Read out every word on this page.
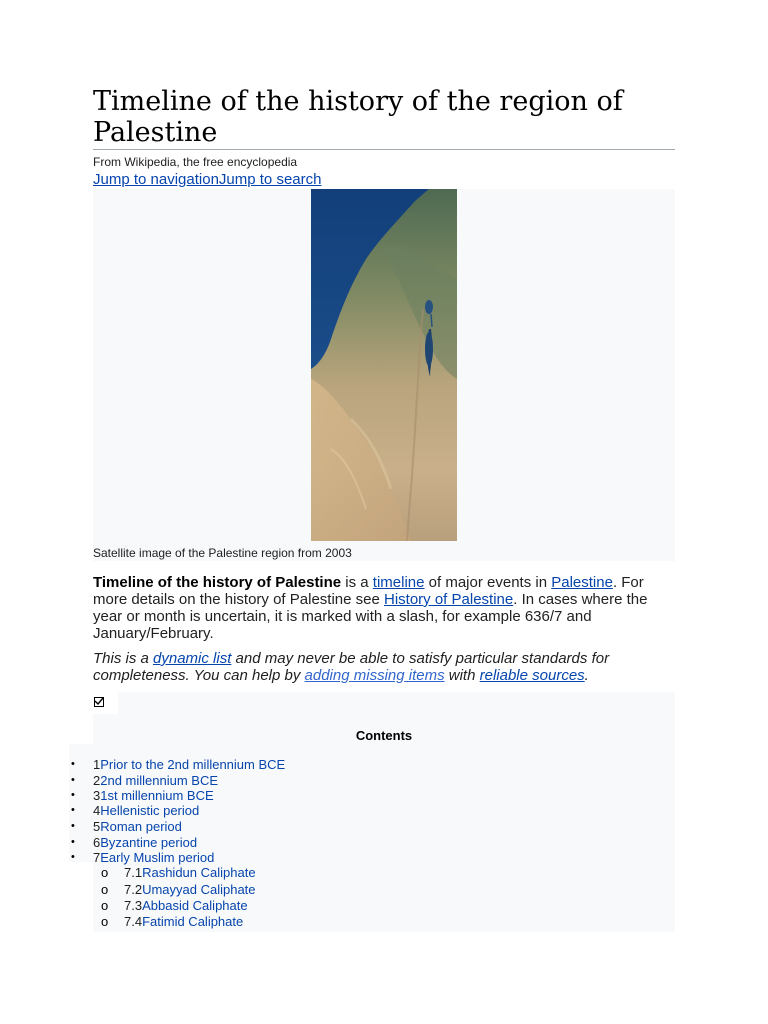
Timeline of the history of the region of Palestine
From Wikipedia, the free encyclopedia
Jump to navigationJump to search
Satellite image of the Palestine region from 2003

Timeline of the history of Palestine is a timeline of major events in Palestine. For more details on the history of Palestine see History of Palestine. In cases where the year or month is uncertain, it is marked with a slash, for example 636/7 and January/February.

This is a dynamic list and may never be able to satisfy particular standards for completeness. You can help by adding missing items with reliable sources.

Contents
• 1Prior to the 2nd millennium BCE
• 22nd millennium BCE
• 31st millennium BCE
• 4Hellenistic period
• 5Roman period
• 6Byzantine period
• 7Early Muslim period
o 7.1Rashidun Caliphate
o 7.2Umayyad Caliphate
o 7.3Abbasid Caliphate
o 7.4Fatimid Caliphate
